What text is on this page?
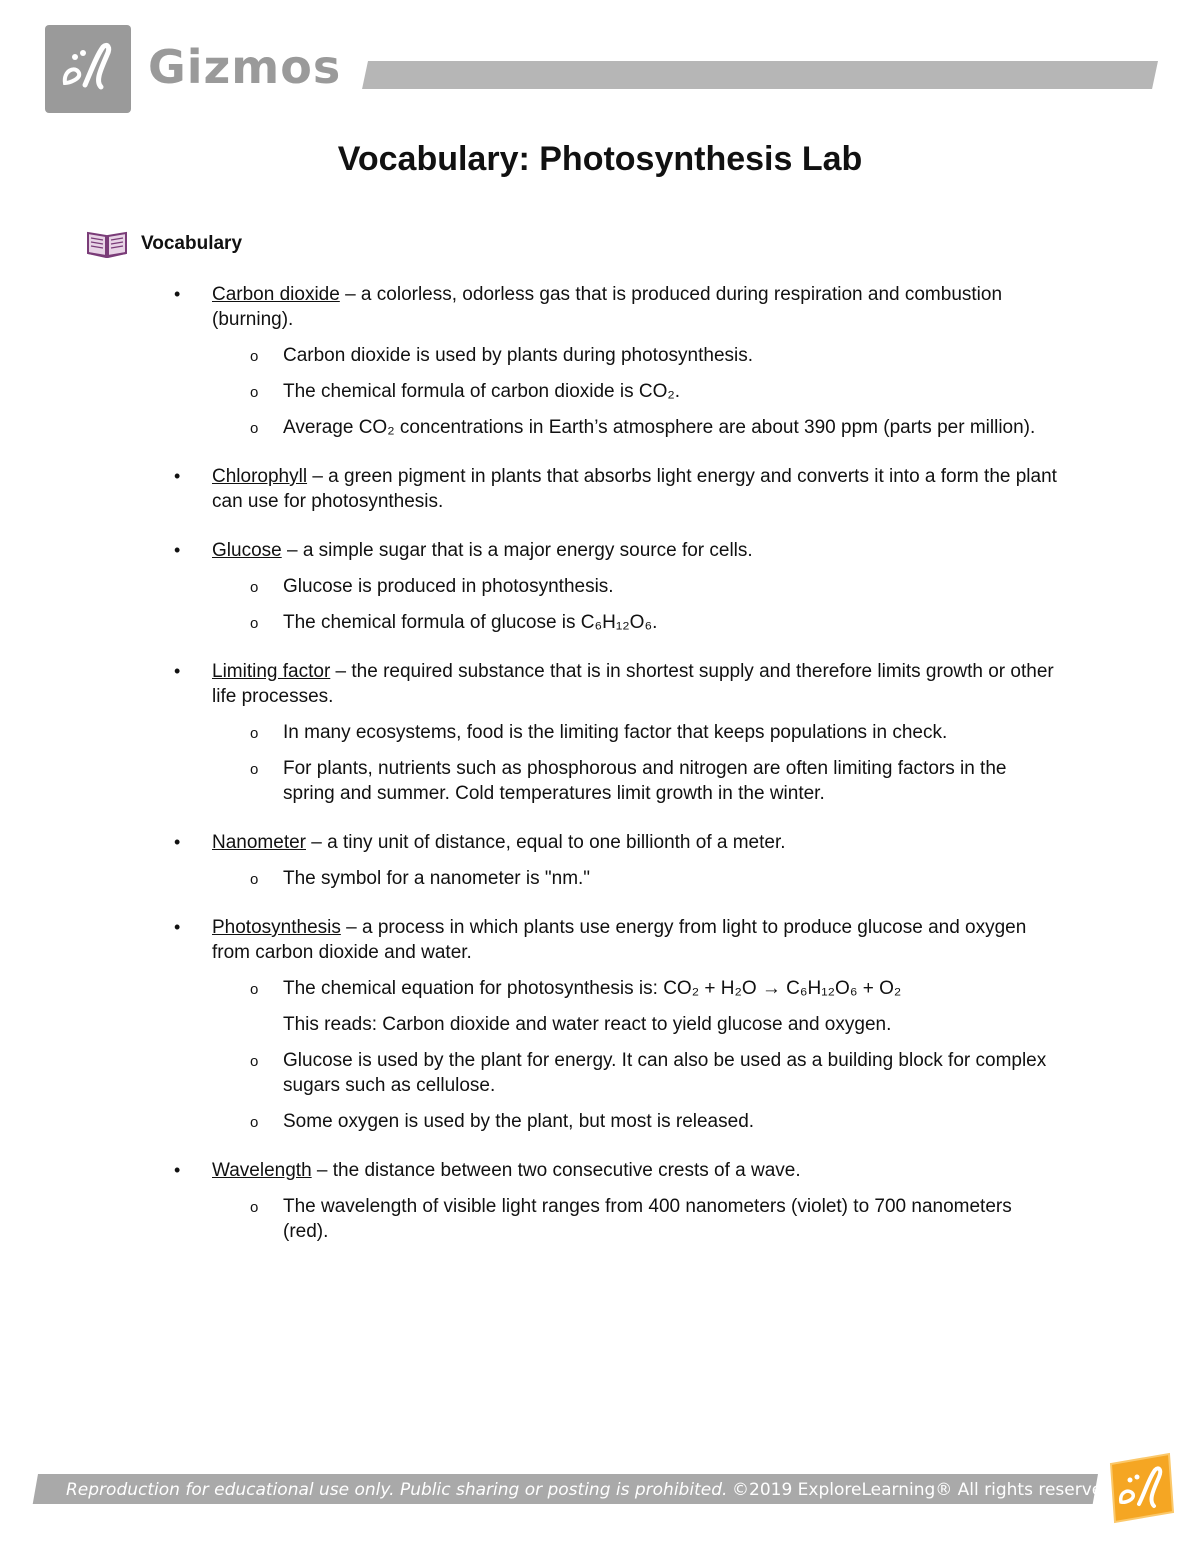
Gizmos
Vocabulary: Photosynthesis Lab
Vocabulary
• Carbon dioxide – a colorless, odorless gas that is produced during respiration and combustion (burning).
o Carbon dioxide is used by plants during photosynthesis.
o The chemical formula of carbon dioxide is CO₂.
o Average CO₂ concentrations in Earth’s atmosphere are about 390 ppm (parts per million).
• Chlorophyll – a green pigment in plants that absorbs light energy and converts it into a form the plant can use for photosynthesis.
• Glucose – a simple sugar that is a major energy source for cells.
o Glucose is produced in photosynthesis.
o The chemical formula of glucose is C₆H₁₂O₆.
• Limiting factor – the required substance that is in shortest supply and therefore limits growth or other life processes.
o In many ecosystems, food is the limiting factor that keeps populations in check.
o For plants, nutrients such as phosphorous and nitrogen are often limiting factors in the spring and summer. Cold temperatures limit growth in the winter.
• Nanometer – a tiny unit of distance, equal to one billionth of a meter.
o The symbol for a nanometer is "nm."
• Photosynthesis – a process in which plants use energy from light to produce glucose and oxygen from carbon dioxide and water.
o The chemical equation for photosynthesis is: CO₂ + H₂O → C₆H₁₂O₆ + O₂
This reads: Carbon dioxide and water react to yield glucose and oxygen.
o Glucose is used by the plant for energy. It can also be used as a building block for complex sugars such as cellulose.
o Some oxygen is used by the plant, but most is released.
• Wavelength – the distance between two consecutive crests of a wave.
o The wavelength of visible light ranges from 400 nanometers (violet) to 700 nanometers (red).
Reproduction for educational use only. Public sharing or posting is prohibited. ©2019 ExploreLearning® All rights reserved
